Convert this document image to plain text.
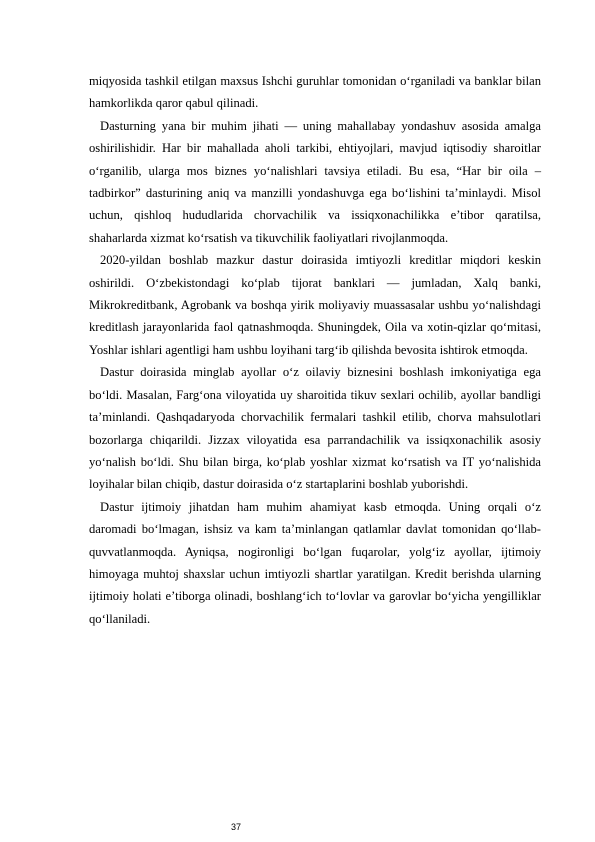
miqyosida tashkil etilgan maxsus Ishchi guruhlar tomonidan o‘rganiladi va banklar bilan hamkorlikda qaror qabul qilinadi.

Dasturning yana bir muhim jihati — uning mahallabay yondashuv asosida amalga oshirilishidir. Har bir mahallada aholi tarkibi, ehtiyojlari, mavjud iqtisodiy sharoitlar o‘rganilib, ularga mos biznes yo‘nalishlari tavsiya etiladi. Bu esa, “Har bir oila – tadbirkor” dasturining aniq va manzilli yondashuvga ega bo‘lishini ta’minlaydi. Misol uchun, qishloq hududlarida chorvachilik va issiqxonachilikka e’tibor qaratilsa, shaharlarda xizmat ko‘rsatish va tikuvchilik faoliyatlari rivojlanmoqda.

2020-yildan boshlab mazkur dastur doirasida imtiyozli kreditlar miqdori keskin oshirildi. O‘zbekistondagi ko‘plab tijorat banklari — jumladan, Xalq banki, Mikrokreditbank, Agrobank va boshqa yirik moliyaviy muassasalar ushbu yo‘nalishdagi kreditlash jarayonlarida faol qatnashmoqda. Shuningdek, Oila va xotin-qizlar qo‘mitasi, Yoshlar ishlari agentligi ham ushbu loyihani targ‘ib qilishda bevosita ishtirok etmoqda.

Dastur doirasida minglab ayollar o‘z oilaviy biznesini boshlash imkoniyatiga ega bo‘ldi. Masalan, Farg‘ona viloyatida uy sharoitida tikuv sexlari ochilib, ayollar bandligi ta’minlandi. Qashqadaryoda chorvachilik fermalari tashkil etilib, chorva mahsulotlari bozorlarga chiqarildi. Jizzax viloyatida esa parrandachilik va issiqxonachilik asosiy yo‘nalish bo‘ldi. Shu bilan birga, ko‘plab yoshlar xizmat ko‘rsatish va IT yo‘nalishida loyihalar bilan chiqib, dastur doirasida o‘z startaplarini boshlab yuborishdi.

Dastur ijtimoiy jihatdan ham muhim ahamiyat kasb etmoqda. Uning orqali o‘z daromadi bo‘lmagan, ishsiz va kam ta’minlangan qatlamlar davlat tomonidan qo‘llab-quvvatlanmoqda. Ayniqsa, nogironligi bo‘lgan fuqarolar, yolg‘iz ayollar, ijtimoiy himoyaga muhtoj shaxslar uchun imtiyozli shartlar yaratilgan. Kredit berishda ularning ijtimoiy holati e’tiborga olinadi, boshlang‘ich to‘lovlar va garovlar bo‘yicha yengilliklar qo‘llaniladi.

37
